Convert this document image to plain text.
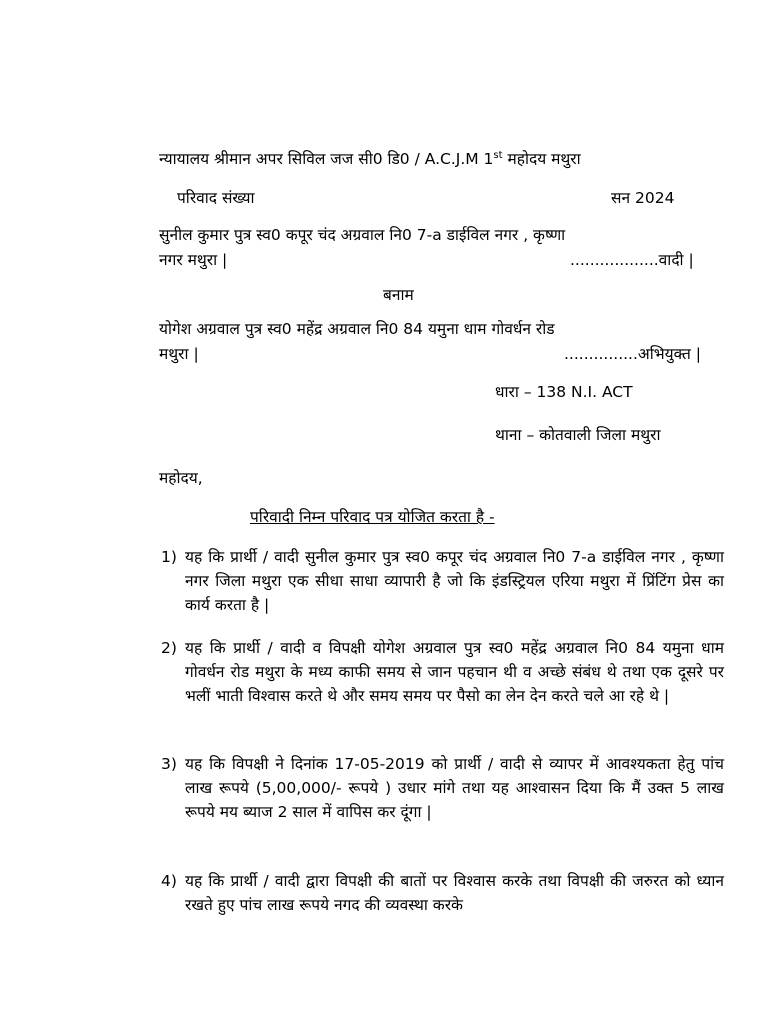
न्यायालय श्रीमान अपर सिविल जज सी0 डि0 / A.C.J.M 1st महोदय मथुरा
परिवाद संख्या	सन 2024
सुनील कुमार पुत्र स्व0 कपूर चंद अग्रवाल नि0 7-a डाईविल नगर , कृष्णा
नगर मथुरा |	..................वादी |
बनाम
योगेश अग्रवाल पुत्र स्व0 महेंद्र अग्रवाल नि0 84 यमुना धाम गोवर्धन रोड
मथुरा |	...............अभियुक्त |
धारा – 138 N.I. ACT
थाना – कोतवाली जिला मथुरा
महोदय,
परिवादी निम्न परिवाद पत्र योजित करता है -
1) यह कि प्रार्थी / वादी सुनील कुमार पुत्र स्व0 कपूर चंद अग्रवाल नि0 7-a डाईविल नगर , कृष्णा नगर जिला मथुरा एक सीधा साधा व्यापारी है जो कि इंडस्ट्रियल एरिया मथुरा में प्रिंटिंग प्रेस का कार्य करता है |
2) यह कि प्रार्थी / वादी व विपक्षी योगेश अग्रवाल पुत्र स्व0 महेंद्र अग्रवाल नि0 84 यमुना धाम गोवर्धन रोड मथुरा के मध्य काफी समय से जान पहचान थी व अच्छे संबंध थे तथा एक दूसरे पर भलीं भाती विश्वास करते थे और समय समय पर पैसो का लेन देन करते चले आ रहे थे |
3) यह कि विपक्षी ने दिनांक 17-05-2019 को प्रार्थी / वादी से व्यापर में आवश्यकता हेतु पांच लाख रूपये (5,00,000/- रूपये ) उधार मांगे तथा यह आश्वासन दिया कि मैं उक्त 5 लाख रूपये मय ब्याज 2 साल में वापिस कर दूंगा |
4) यह कि प्रार्थी / वादी द्वारा विपक्षी की बातों पर विश्वास करके तथा विपक्षी की जरुरत को ध्यान रखते हुए पांच लाख रूपये नगद की व्यवस्था करके
